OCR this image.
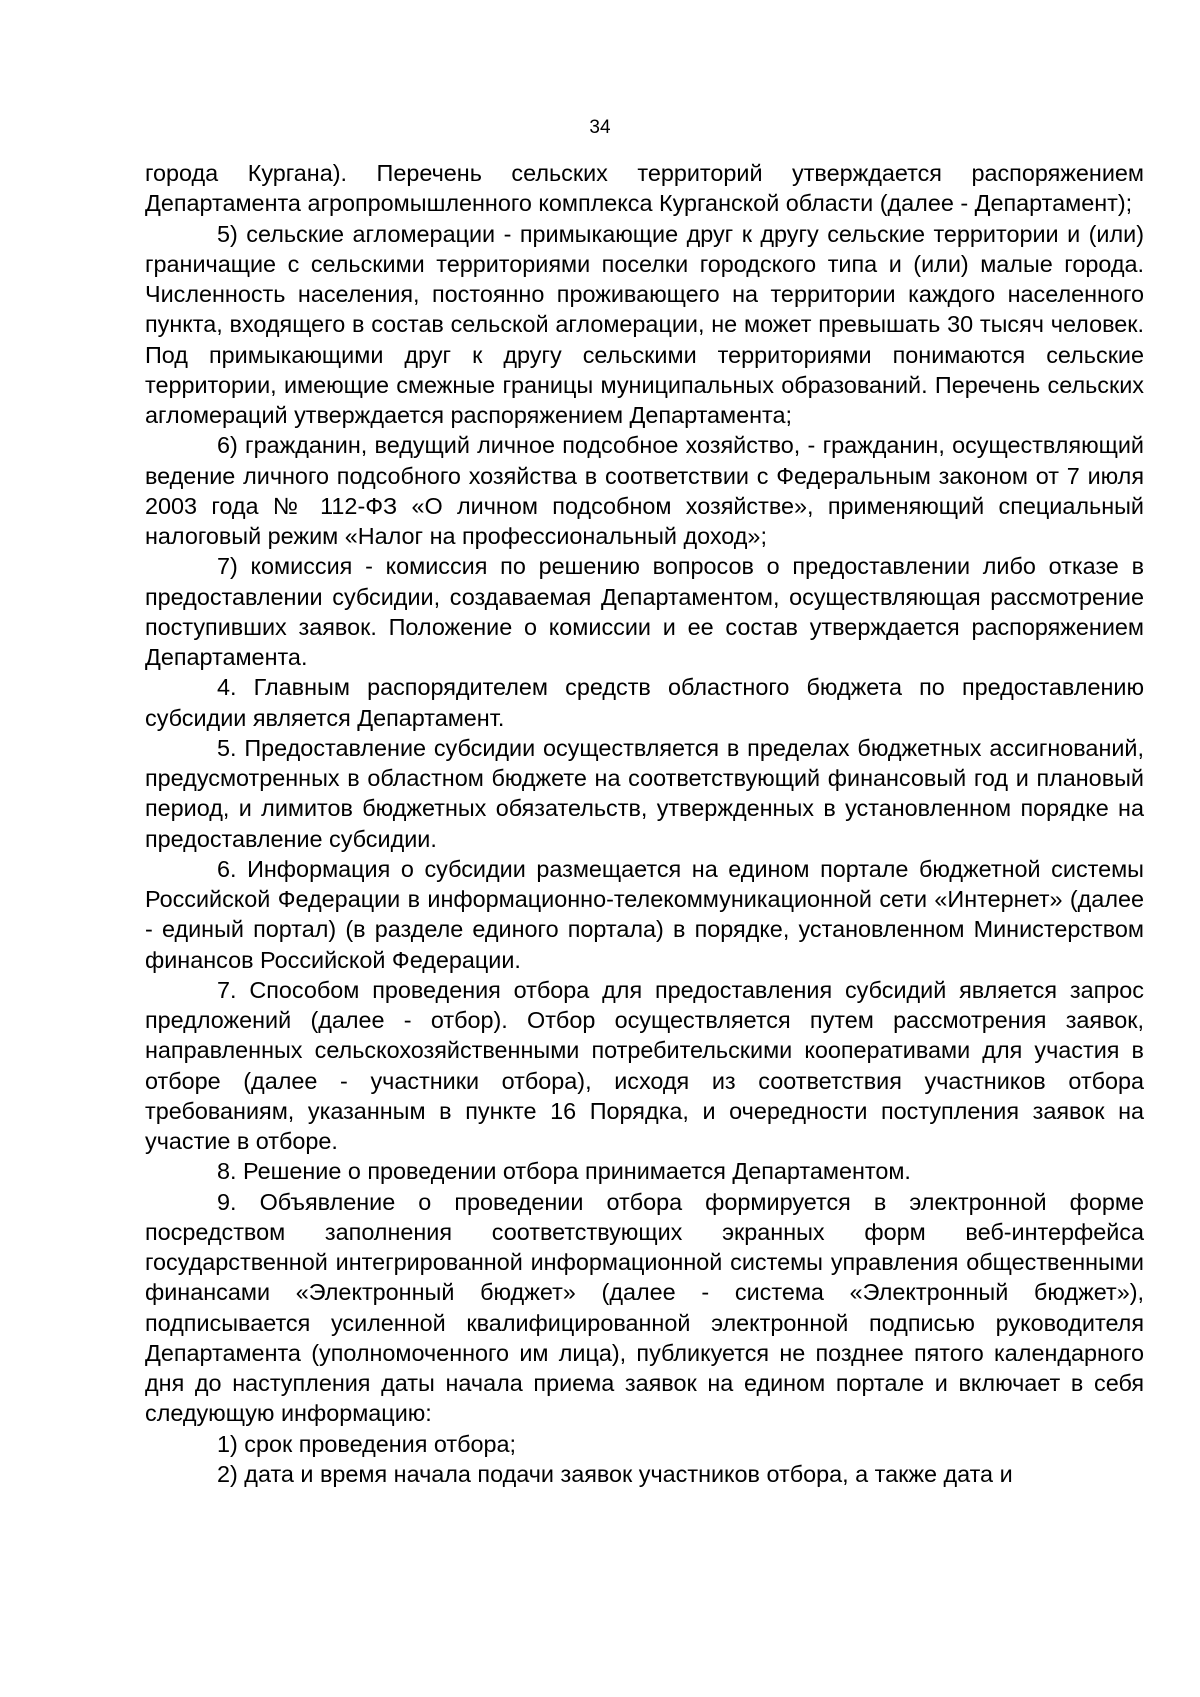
34

города Кургана). Перечень сельских территорий утверждается распоряжением Департамента агропромышленного комплекса Курганской области (далее - Департамент);

5) сельские агломерации - примыкающие друг к другу сельские территории и (или) граничащие с сельскими территориями поселки городского типа и (или) малые города. Численность населения, постоянно проживающего на территории каждого населенного пункта, входящего в состав сельской агломерации, не может превышать 30 тысяч человек. Под примыкающими друг к другу сельскими территориями понимаются сельские территории, имеющие смежные границы муниципальных образований. Перечень сельских агломераций утверждается распоряжением Департамента;

6) гражданин, ведущий личное подсобное хозяйство, - гражданин, осуществляющий ведение личного подсобного хозяйства в соответствии с Федеральным законом от 7 июля 2003 года № 112-ФЗ «О личном подсобном хозяйстве», применяющий специальный налоговый режим «Налог на профессиональный доход»;

7) комиссия - комиссия по решению вопросов о предоставлении либо отказе в предоставлении субсидии, создаваемая Департаментом, осуществляющая рассмотрение поступивших заявок. Положение о комиссии и ее состав утверждается распоряжением Департамента.

4. Главным распорядителем средств областного бюджета по предоставлению субсидии является Департамент.

5. Предоставление субсидии осуществляется в пределах бюджетных ассигнований, предусмотренных в областном бюджете на соответствующий финансовый год и плановый период, и лимитов бюджетных обязательств, утвержденных в установленном порядке на предоставление субсидии.

6. Информация о субсидии размещается на едином портале бюджетной системы Российской Федерации в информационно-телекоммуникационной сети «Интернет» (далее - единый портал) (в разделе единого портала) в порядке, установленном Министерством финансов Российской Федерации.

7. Способом проведения отбора для предоставления субсидий является запрос предложений (далее - отбор). Отбор осуществляется путем рассмотрения заявок, направленных сельскохозяйственными потребительскими кооперативами для участия в отборе (далее - участники отбора), исходя из соответствия участников отбора требованиям, указанным в пункте 16 Порядка, и очередности поступления заявок на участие в отборе.

8. Решение о проведении отбора принимается Департаментом.

9. Объявление о проведении отбора формируется в электронной форме посредством заполнения соответствующих экранных форм веб-интерфейса государственной интегрированной информационной системы управления общественными финансами «Электронный бюджет» (далее - система «Электронный бюджет»), подписывается усиленной квалифицированной электронной подписью руководителя Департамента (уполномоченного им лица), публикуется не позднее пятого календарного дня до наступления даты начала приема заявок на едином портале и включает в себя следующую информацию:

1) срок проведения отбора;

2) дата и время начала подачи заявок участников отбора, а также дата и
